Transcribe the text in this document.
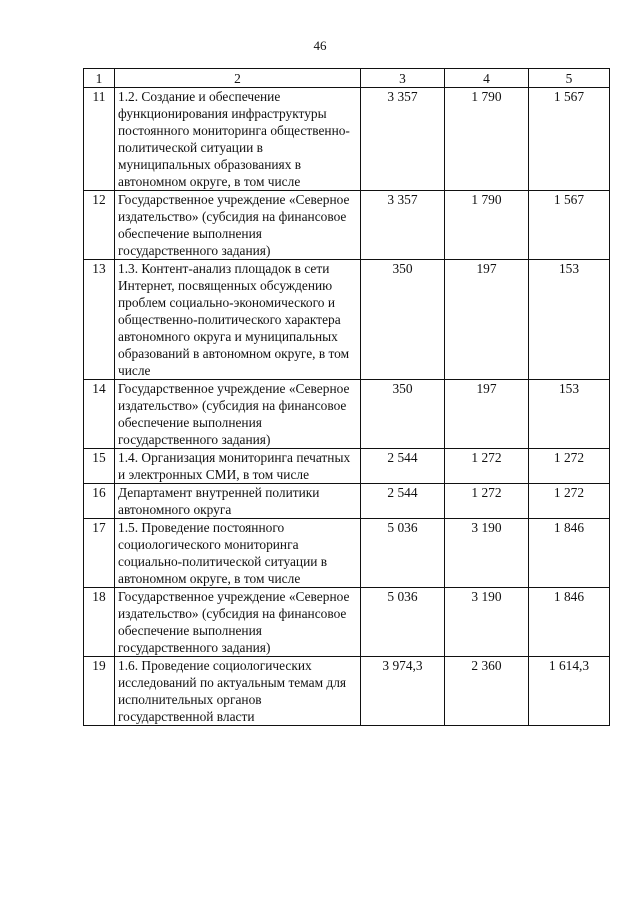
46
1	2	3	4	5
11	1.2. Создание и обеспечение функционирования инфраструктуры постоянного мониторинга общественно-политической ситуации в муниципальных образованиях в автономном округе, в том числе	3 357	1 790	1 567
12	Государственное учреждение «Северное издательство» (субсидия на финансовое обеспечение выполнения государственного задания)	3 357	1 790	1 567
13	1.3. Контент-анализ площадок в сети Интернет, посвященных обсуждению проблем социально-экономического и общественно-политического характера автономного округа и муниципальных образований в автономном округе, в том числе	350	197	153
14	Государственное учреждение «Северное издательство» (субсидия на финансовое обеспечение выполнения государственного задания)	350	197	153
15	1.4. Организация мониторинга печатных и электронных СМИ, в том числе	2 544	1 272	1 272
16	Департамент внутренней политики автономного округа	2 544	1 272	1 272
17	1.5. Проведение постоянного социологического мониторинга социально-политической ситуации в автономном округе, в том числе	5 036	3 190	1 846
18	Государственное учреждение «Северное издательство» (субсидия на финансовое обеспечение выполнения государственного задания)	5 036	3 190	1 846
19	1.6. Проведение социологических исследований по актуальным темам для исполнительных органов государственной власти	3 974,3	2 360	1 614,3
